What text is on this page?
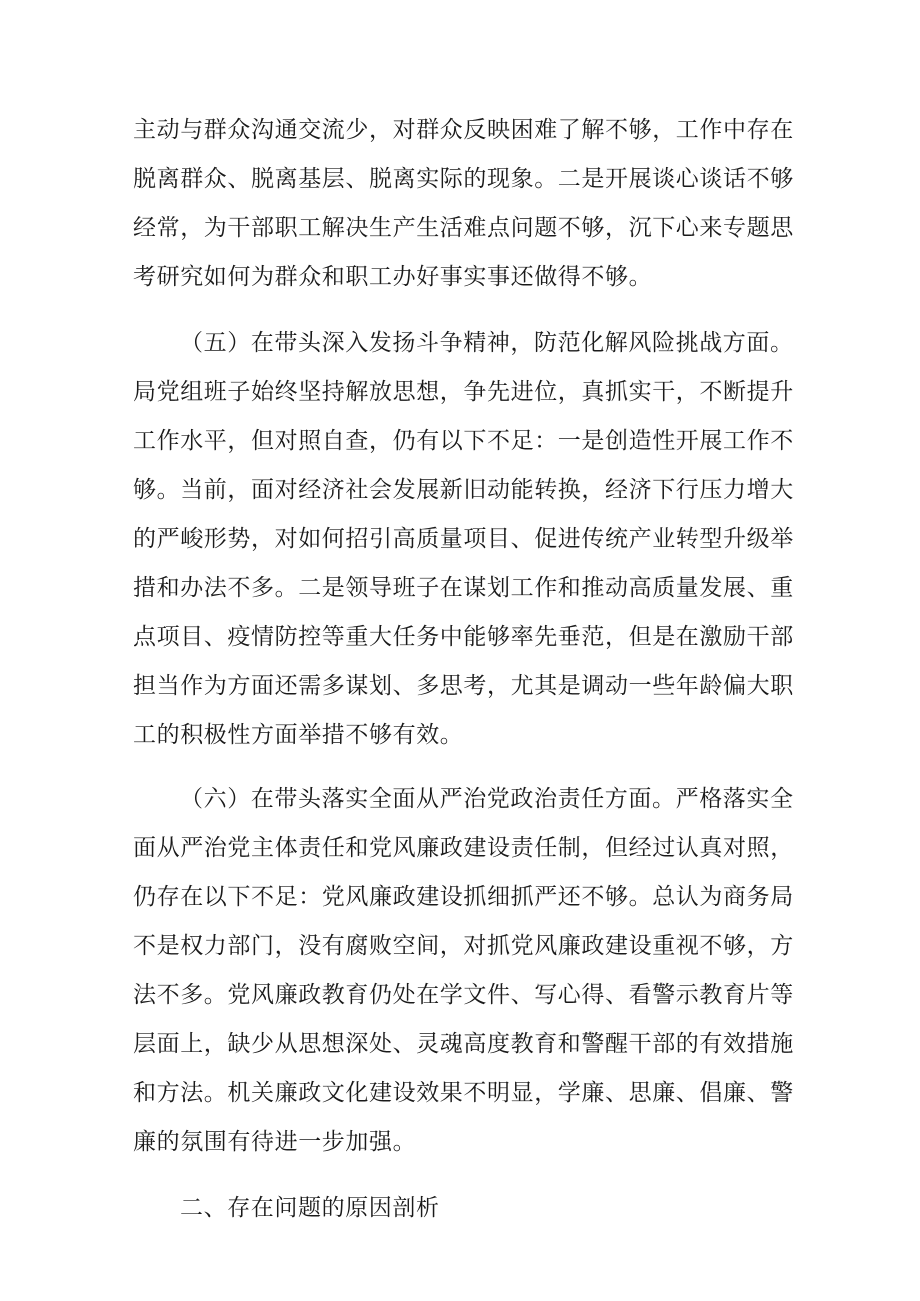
主动与群众沟通交流少，对群众反映困难了解不够，工作中存在
脱离群众、脱离基层、脱离实际的现象。二是开展谈心谈话不够
经常，为干部职工解决生产生活难点问题不够，沉下心来专题思
考研究如何为群众和职工办好事实事还做得不够。
（五）在带头深入发扬斗争精神，防范化解风险挑战方面。
局党组班子始终坚持解放思想，争先进位，真抓实干，不断提升
工作水平，但对照自查，仍有以下不足：一是创造性开展工作不
够。当前，面对经济社会发展新旧动能转换，经济下行压力增大
的严峻形势，对如何招引高质量项目、促进传统产业转型升级举
措和办法不多。二是领导班子在谋划工作和推动高质量发展、重
点项目、疫情防控等重大任务中能够率先垂范，但是在激励干部
担当作为方面还需多谋划、多思考，尤其是调动一些年龄偏大职
工的积极性方面举措不够有效。
（六）在带头落实全面从严治党政治责任方面。严格落实全
面从严治党主体责任和党风廉政建设责任制，但经过认真对照，
仍存在以下不足：党风廉政建设抓细抓严还不够。总认为商务局
不是权力部门，没有腐败空间，对抓党风廉政建设重视不够，方
法不多。党风廉政教育仍处在学文件、写心得、看警示教育片等
层面上，缺少从思想深处、灵魂高度教育和警醒干部的有效措施
和方法。机关廉政文化建设效果不明显，学廉、思廉、倡廉、警
廉的氛围有待进一步加强。
二、存在问题的原因剖析
